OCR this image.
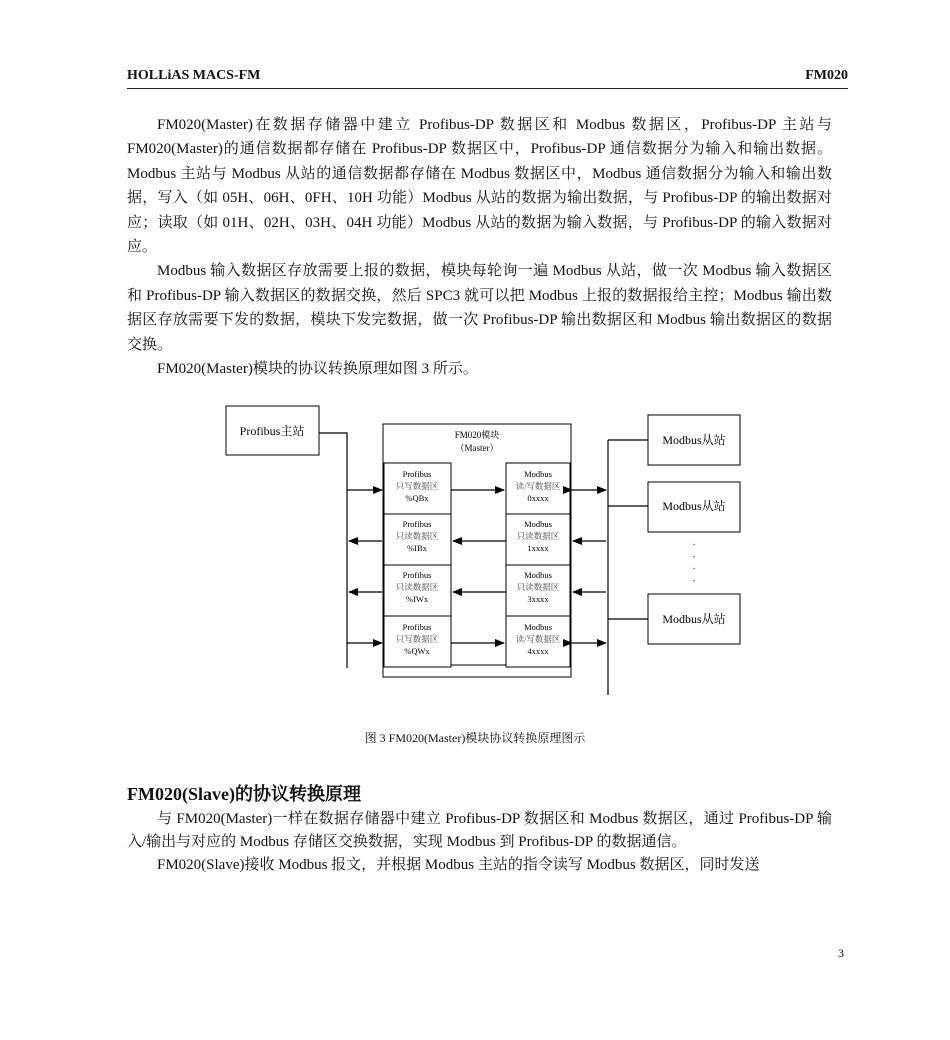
HOLLiAS MACS-FM	FM020

FM020(Master)在数据存储器中建立 Profibus-DP 数据区和 Modbus 数据区，Profibus-DP 主站与 FM020(Master)的通信数据都存储在 Profibus-DP 数据区中，Profibus-DP 通信数据分为输入和输出数据。Modbus 主站与 Modbus 从站的通信数据都存储在 Modbus 数据区中，Modbus 通信数据分为输入和输出数据，写入（如 05H、06H、0FH、10H 功能）Modbus 从站的数据为输出数据，与 Profibus-DP 的输出数据对应；读取（如 01H、02H、03H、04H 功能）Modbus 从站的数据为输入数据，与 Profibus-DP 的输入数据对应。

Modbus 输入数据区存放需要上报的数据，模块每轮询一遍 Modbus 从站，做一次 Modbus 输入数据区和 Profibus-DP 输入数据区的数据交换，然后 SPC3 就可以把 Modbus 上报的数据报给主控；Modbus 输出数据区存放需要下发的数据，模块下发完数据，做一次 Profibus-DP 输出数据区和 Modbus 输出数据区的数据交换。

FM020(Master)模块的协议转换原理如图 3 所示。

Profibus主站	FM020模块
（Master）
Profibus
只写数据区
%QBx
Profibus
只读数据区
%IBx
Profibus
只读数据区
%IWx
Profibus
只写数据区
%QWx
Modbus
读/写数据区
0xxxx
Modbus
只读数据区
1xxxx
Modbus
只读数据区
3xxxx
Modbus
读/写数据区
4xxxx
Modbus从站
Modbus从站
·
·
·
·
Modbus从站
图 3 FM020(Master)模块协议转换原理图示
FM020(Slave)的协议转换原理

与 FM020(Master)一样在数据存储器中建立 Profibus-DP 数据区和 Modbus 数据区，通过 Profibus-DP 输入/输出与对应的 Modbus 存储区交换数据，实现 Modbus 到 Profibus-DP 的数据通信。

FM020(Slave)接收 Modbus 报文，并根据 Modbus 主站的指令读写 Modbus 数据区，同时发送

3
